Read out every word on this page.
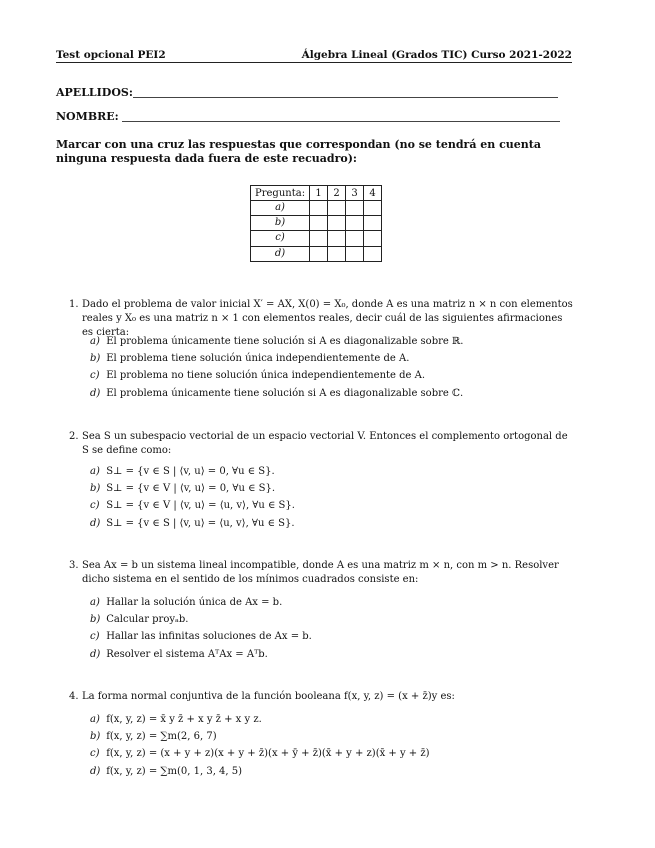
Test opcional PEI2	Álgebra Lineal (Grados TIC) Curso 2021-2022
APELLIDOS:
NOMBRE:
Marcar con una cruz las respuestas que correspondan (no se tendrá en cuenta ninguna respuesta dada fuera de este recuadro):
Pregunta:	1	2	3	4
a)				
b)				
c)				
d)				
1. Dado el problema de valor inicial X′ = AX, X(0) = X₀, donde A es una matriz n × n con elementos reales y X₀ es una matriz n × 1 con elementos reales, decir cuál de las siguientes afirmaciones es cierta:
a) El problema únicamente tiene solución si A es diagonalizable sobre ℝ.
b) El problema tiene solución única independientemente de A.
c) El problema no tiene solución única independientemente de A.
d) El problema únicamente tiene solución si A es diagonalizable sobre ℂ.
2. Sea S un subespacio vectorial de un espacio vectorial V. Entonces el complemento ortogonal de S se define como:
a) S⊥ = {v ∈ S | ⟨v, u⟩ = 0, ∀u ∈ S}.
b) S⊥ = {v ∈ V | ⟨v, u⟩ = 0, ∀u ∈ S}.
c) S⊥ = {v ∈ V | ⟨v, u⟩ = ⟨u, v⟩, ∀u ∈ S}.
d) S⊥ = {v ∈ S | ⟨v, u⟩ = ⟨u, v⟩, ∀u ∈ S}.
3. Sea Ax = b un sistema lineal incompatible, donde A es una matriz m × n, con m > n. Resolver dicho sistema en el sentido de los mínimos cuadrados consiste en:
a) Hallar la solución única de Ax = b.
b) Calcular proyₐb.
c) Hallar las infinitas soluciones de Ax = b.
d) Resolver el sistema AᵀAx = Aᵀb.
4. La forma normal conjuntiva de la función booleana f(x, y, z) = (x + z̄)y es:
a) f(x, y, z) = x̄ y z̄ + x y z̄ + x y z.
b) f(x, y, z) = ∑m(2, 6, 7)
c) f(x, y, z) = (x + y + z)(x + y + z̄)(x + ȳ + z̄)(x̄ + y + z)(x̄ + y + z̄)
d) f(x, y, z) = ∑m(0, 1, 3, 4, 5)
